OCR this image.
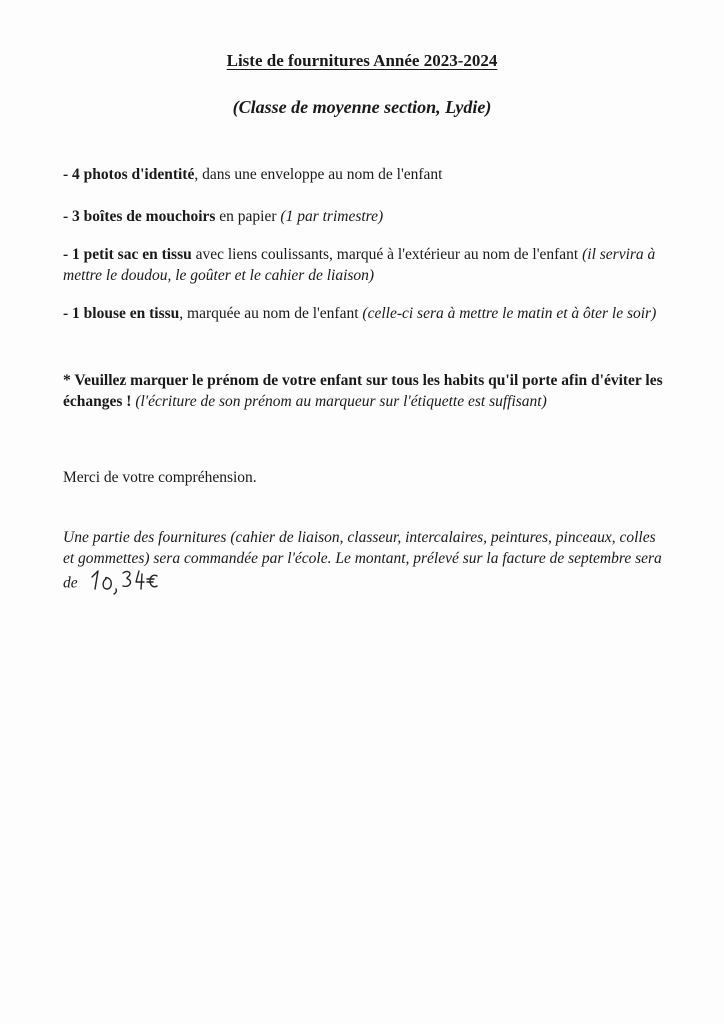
Liste de fournitures Année 2023-2024
(Classe de moyenne section, Lydie)
- 4 photos d'identité, dans une enveloppe au nom de l'enfant
- 3 boîtes de mouchoirs en papier (1 par trimestre)
- 1 petit sac en tissu avec liens coulissants, marqué à l'extérieur au nom de l'enfant (il servira à mettre le doudou, le goûter et le cahier de liaison)
- 1 blouse en tissu, marquée au nom de l'enfant (celle-ci sera à mettre le matin et à ôter le soir)
* Veuillez marquer le prénom de votre enfant sur tous les habits qu'il porte afin d'éviter les échanges ! (l'écriture de son prénom au marqueur sur l'étiquette est suffisant)
Merci de votre compréhension.
Une partie des fournitures (cahier de liaison, classeur, intercalaires, peintures, pinceaux, colles et gommettes) sera commandée par l'école. Le montant, prélevé sur la facture de septembre sera de
